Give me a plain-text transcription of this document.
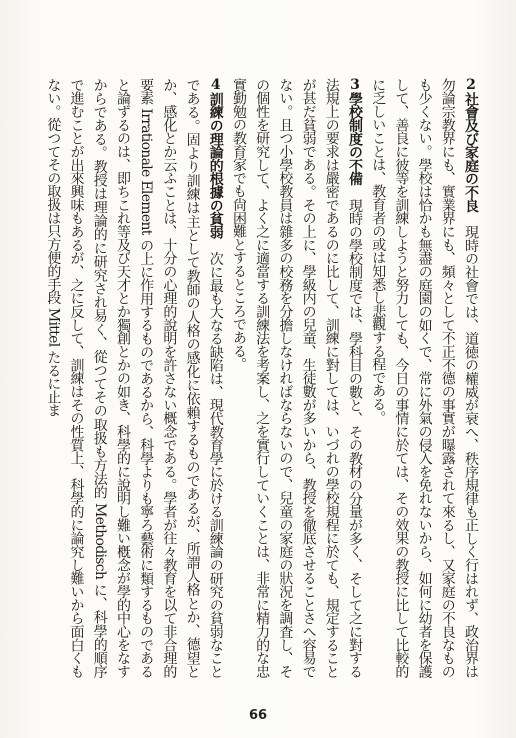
2社會及び家庭の不良　現時の社會では、道徳の權威が衰へ、秩序規律も正しく行はれず、政治界は勿論宗教界にも、實業界にも、頻々として不正不德の事實が曝露されて來るし、又家庭の不良なものも少くない。學校は恰かも無盡の庭園の如くで、常に外氣の侵入を免れないから、如何に幼者を保護して、善良に彼等を訓練しようと努力しても、今日の事情に於ては、その效果の教授に比して比較的に乏しいことは、教育者の或は知悉し悲觀する程である。

3學校制度の不備　現時の學校制度では、學科目の數と、その教材の分量が多く、そして之に對する法規上の要求は嚴密であるのに比して、訓練に對しては、いづれの學校規程に於ても、規定することが甚だ貧弱である。その上に、學級内の兒童、生徒數が多いから、教授を徹底させることさへ容易でない。且つ小學校教員は雜多の校務を分擔しなければならないので、兒童の家庭の狀況を調査し、その個性を研究して、よく之に適當する訓練法を考案し、之を實行していくことは、非常に精力的な忠實勤勉の教育家でも尙困難とするところである。

4訓練の理論的根據の貧弱　次に最も大なる缺陷は、現代教育學に於ける訓練論の研究の貧弱なことである。固より訓練は主として教師の人格の感化に依賴するものであるが、所謂人格とか、德望とか、感化とか云ふことは、十分の心理的說明を許さない概念である。學者が往々教育を以て非合理的要素 Irrationale Element の上に作用するものであるから、科學よりも寧ろ藝術に類するものであると論ずるのは、即ちこれ等及び天才とか獨創とかの如き、科學的に說明し難い槪念が學的中心をなすからである。教授は理論的に研究され易く、從つてその取扱も方法的 Methodisch に、科學的順序で進むことが出來興味もあるが、之に反して、訓練はその性質上、科學的に論究し難いから面白くもない。從つてその取扱は只方便的手段 Mittel たるに止ま

66
